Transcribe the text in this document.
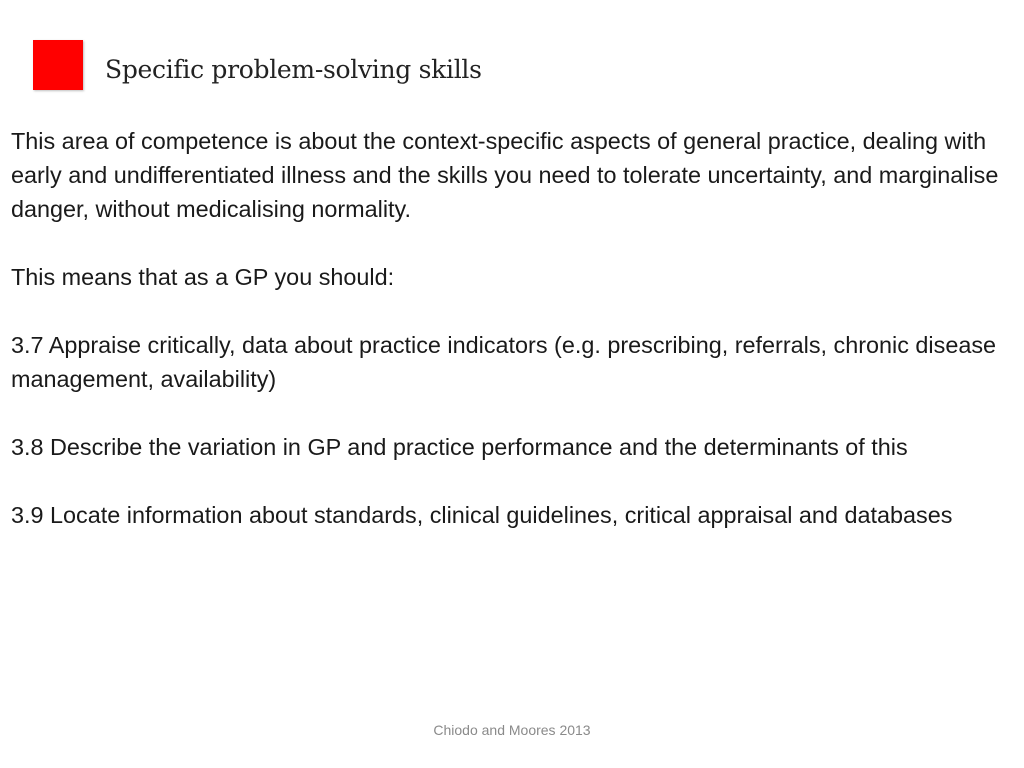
Specific problem-solving skills

This area of competence is about the context-specific aspects of general practice, dealing with early and undifferentiated illness and the skills you need to tolerate uncertainty, and marginalise danger, without medicalising normality.

This means that as a GP you should:

3.7 Appraise critically, data about practice indicators (e.g. prescribing, referrals, chronic disease management, availability)

3.8 Describe the variation in GP and practice performance and the determinants of this

3.9 Locate information about standards, clinical guidelines, critical appraisal and databases

Chiodo and Moores 2013
